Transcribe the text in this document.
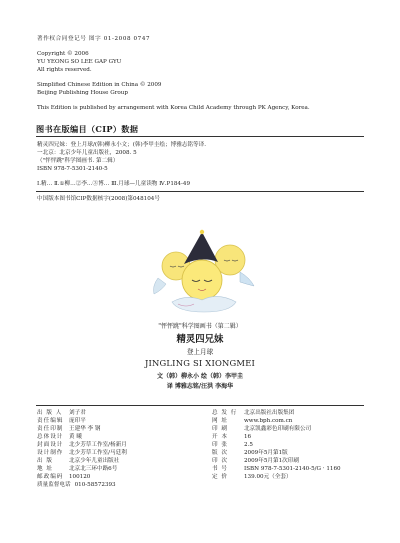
著作权合同登记号 图字 01-2008 0747
Copyright © 2006
YU YEONG SO LEE GAP GYU
All rights reserved.
Simplified Chinese Edition in China © 2009
Beijing Publishing House Group
This Edition is published by arrangement with Korea Child Academy through PK Agency, Korea.
图书在版编目（CIP）数据
精灵四兄妹：登上月球/(韩)柳永小文；(韩)李甲圭绘；博雅志铭等译.
一北京：北京少年儿童出版社，2008. 5
（"怦怦跳"科学图画书. 第二辑）
ISBN 978-7-5301-2140-5
Ⅰ.精… Ⅱ.①柳…②李…③博… Ⅲ.月球—儿童读物 Ⅳ.P184-49
中国版本图书馆CIP数据核字(2008)第048104号
"怦怦跳"科学图画书（第二辑）
精灵四兄妹
登上月球
JINGLING SI XIONGMEI
文（韩）柳永小 绘（韩）李甲圭
译 博雅志铭/汪洪 李海华
出 版 人 刘子君
责任编辑 庞印平
责任印制 王建华 李 钢
总体设计 黄 曦
封面设计 北少芳草工作室/杨新月
设计制作 北少芳草工作室/马廷利
出 版	北京少年儿童出版社
地 址	北京北三环中路6号
邮政编码 100120
质量监督电话 010-58572393
总 发 行 北京出版社出版集团
网 址	www.bph.com.cn
印 刷	北京凯鑫彩色印刷有限公司
开 本	16
印 张	2.5
版 次	2009年5月第1版
印 次	2009年5月第1次印刷
书 号	ISBN 978-7-5301-2140-5/G · 1160
定 价	139.00元（全套）
